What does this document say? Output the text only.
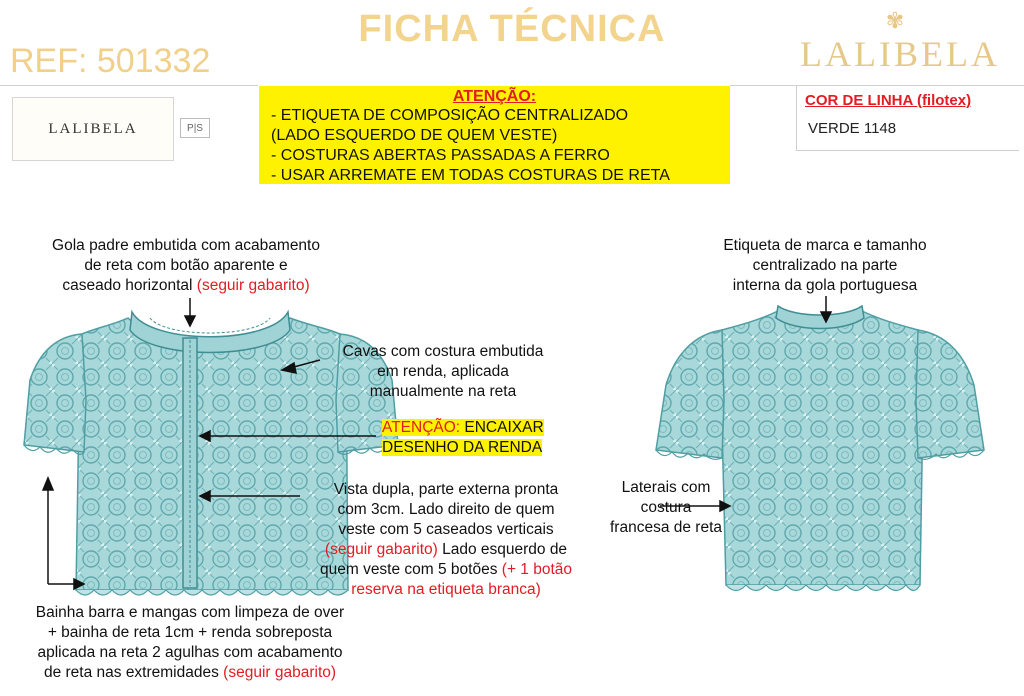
FICHA TÉCNICA
REF: 501332
✾
LALIBELA
LALIBELA	P|S
ATENÇÃO:
- ETIQUETA DE COMPOSIÇÃO CENTRALIZADO
(LADO ESQUERDO DE QUEM VESTE)
- COSTURAS ABERTAS PASSADAS A FERRO
- USAR ARREMATE EM TODAS COSTURAS DE RETA
COR DE LINHA (filotex)
VERDE 1148
Gola padre embutida com acabamento
de reta com botão aparente e
caseado horizontal (seguir gabarito)
Cavas com costura embutida
em renda, aplicada
manualmente na reta
ATENÇÃO: ENCAIXAR
DESENHO DA RENDA
Vista dupla, parte externa pronta
com 3cm. Lado direito de quem
veste com 5 caseados verticais
(seguir gabarito) Lado esquerdo de
quem veste com 5 botões (+ 1 botão
reserva na etiqueta branca)
Bainha barra e mangas com limpeza de over
+ bainha de reta 1cm + renda sobreposta
aplicada na reta 2 agulhas com acabamento
de reta nas extremidades (seguir gabarito)
Etiqueta de marca e tamanho
centralizado na parte
interna da gola portuguesa
Laterais com
costura
francesa de reta
